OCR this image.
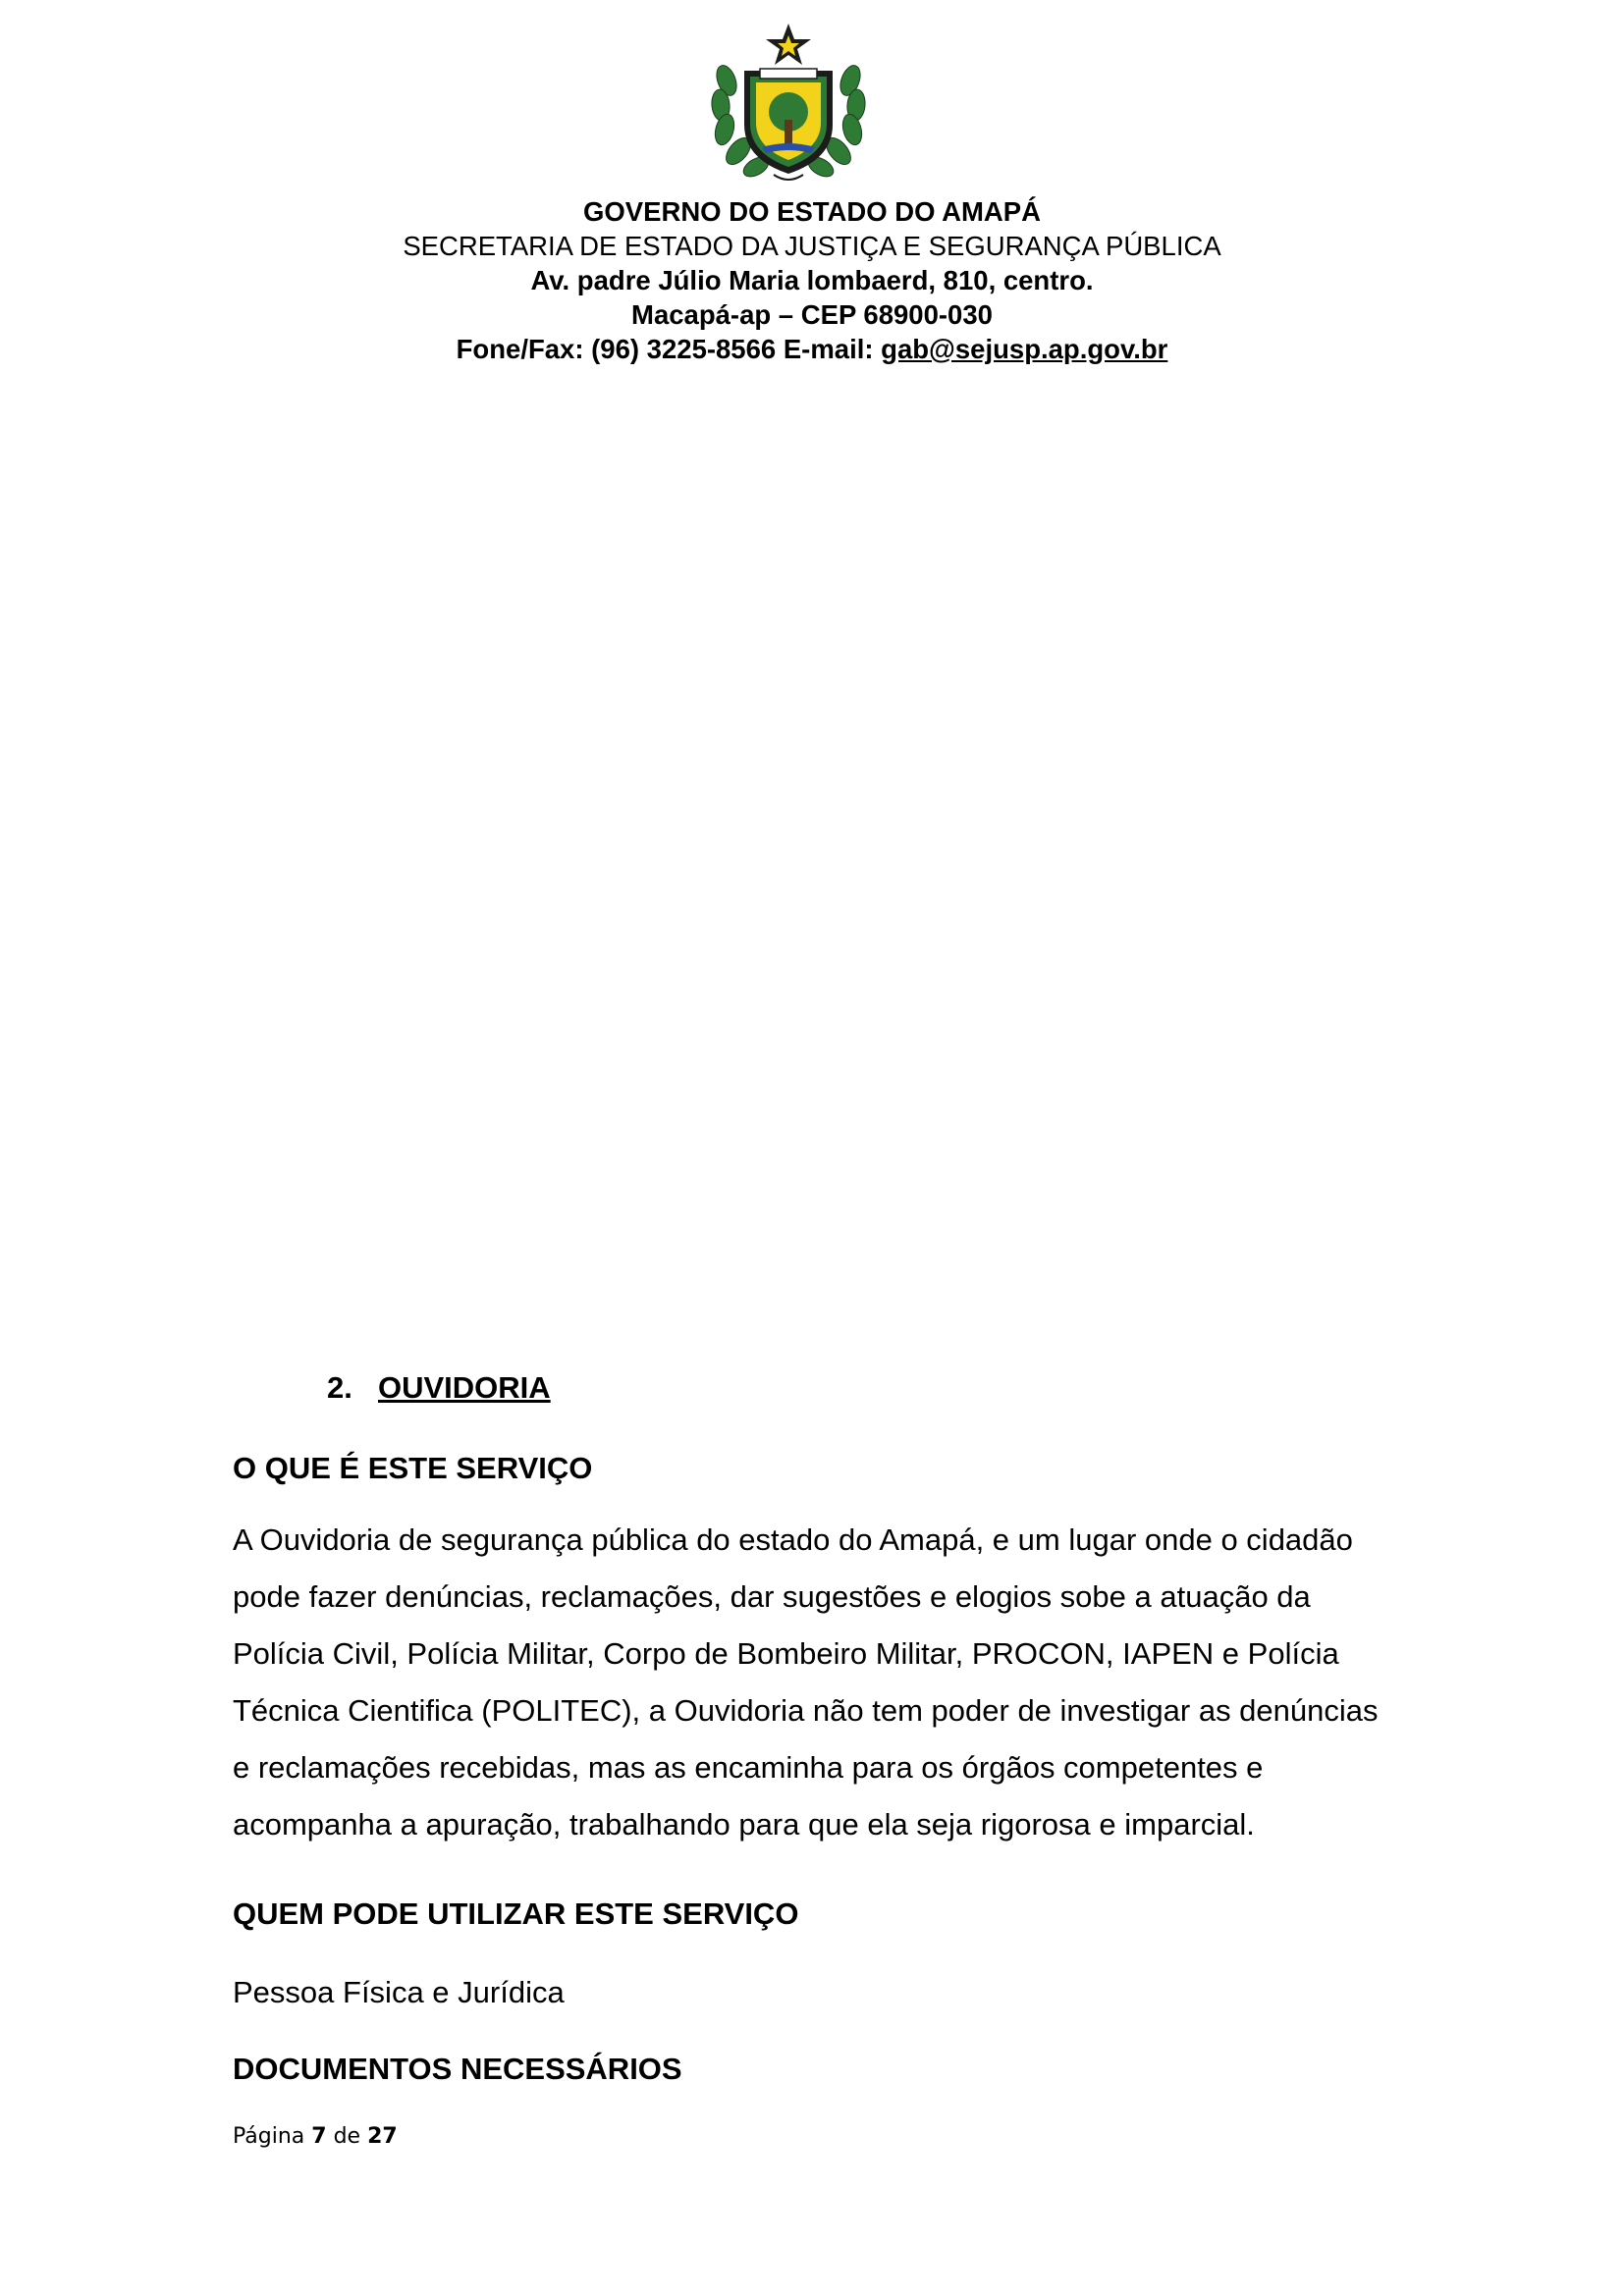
GOVERNO DO ESTADO DO AMAPÁ
SECRETARIA DE ESTADO DA JUSTIÇA E SEGURANÇA PÚBLICA
Av. padre Júlio Maria lombaerd, 810, centro.
Macapá-ap – CEP 68900-030
Fone/Fax: (96) 3225-8566 E-mail: gab@sejusp.ap.gov.br
2. OUVIDORIA
O QUE É ESTE SERVIÇO

A Ouvidoria de segurança pública do estado do Amapá, e um lugar onde o cidadão
pode fazer denúncias, reclamações, dar sugestões e elogios sobe a atuação da
Polícia Civil, Polícia Militar, Corpo de Bombeiro Militar, PROCON, IAPEN e Polícia
Técnica Cientifica (POLITEC), a Ouvidoria não tem poder de investigar as denúncias
e reclamações recebidas, mas as encaminha para os órgãos competentes e
acompanha a apuração, trabalhando para que ela seja rigorosa e imparcial.

QUEM PODE UTILIZAR ESTE SERVIÇO
Pessoa Física e Jurídica
DOCUMENTOS NECESSÁRIOS
Página 7 de 27
